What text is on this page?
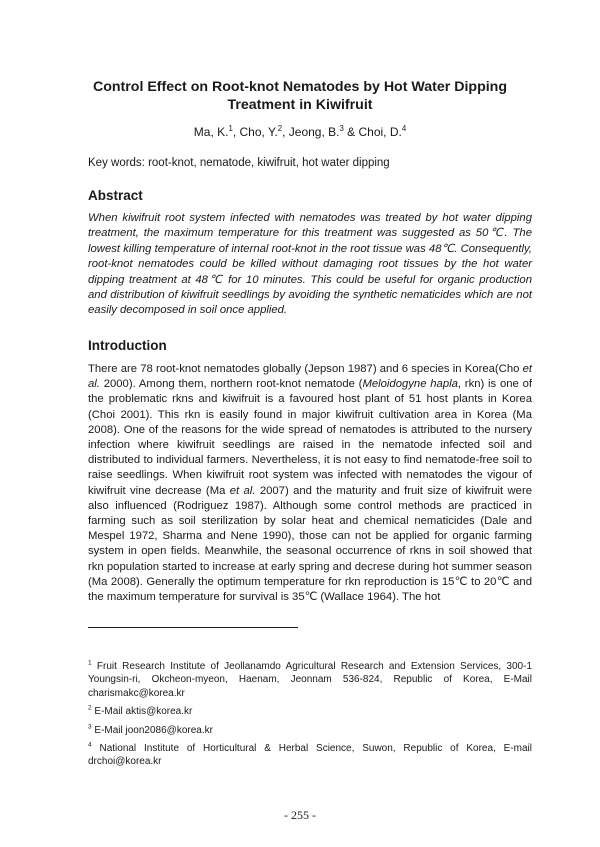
Control Effect on Root-knot Nematodes by Hot Water Dipping Treatment in Kiwifruit
Ma, K.$^1$, Cho, Y.$^2$, Jeong, B.$^3$ & Choi, D.$^4$
Key words: root-knot, nematode, kiwifruit, hot water dipping
Abstract

When kiwifruit root system infected with nematodes was treated by hot water dipping treatment, the maximum temperature for this treatment was suggested as 50℃. The lowest killing temperature of internal root-knot in the root tissue was 48℃. Consequently, root-knot nematodes could be killed without damaging root tissues by the hot water dipping treatment at 48℃ for 10 minutes. This could be useful for organic production and distribution of kiwifruit seedlings by avoiding the synthetic nematicides which are not easily decomposed in soil once applied.

Introduction

There are 78 root-knot nematodes globally (Jepson 1987) and 6 species in Korea(Cho et al. 2000). Among them, northern root-knot nematode (Meloidogyne hapla, rkn) is one of the problematic rkns and kiwifruit is a favoured host plant of 51 host plants in Korea (Choi 2001). This rkn is easily found in major kiwifruit cultivation area in Korea (Ma 2008). One of the reasons for the wide spread of nematodes is attributed to the nursery infection where kiwifruit seedlings are raised in the nematode infected soil and distributed to individual farmers. Nevertheless, it is not easy to find nematode-free soil to raise seedlings. When kiwifruit root system was infected with nematodes the vigour of kiwifruit vine decrease (Ma et al. 2007) and the maturity and fruit size of kiwifruit were also influenced (Rodriguez 1987). Although some control methods are practiced in farming such as soil sterilization by solar heat and chemical nematicides (Dale and Mespel 1972, Sharma and Nene 1990), those can not be applied for organic farming system in open fields. Meanwhile, the seasonal occurrence of rkns in soil showed that rkn population started to increase at early spring and decrese during hot summer season (Ma 2008). Generally the optimum temperature for rkn reproduction is 15℃ to 20℃ and the maximum temperature for survival is 35℃ (Wallace 1964). The hot

$^1$ Fruit Research Institute of Jeollanamdo Agricultural Research and Extension Services, 300-1 Youngsin-ri, Okcheon-myeon, Haenam, Jeonnam 536-824, Republic of Korea, E-Mail charismakc@korea.kr

$^2$ E-Mail aktis@korea.kr

$^3$ E-Mail joon2086@korea.kr

$^4$ National Institute of Horticultural & Herbal Science, Suwon, Republic of Korea, E-mail drchoi@korea.kr

- 255 -
